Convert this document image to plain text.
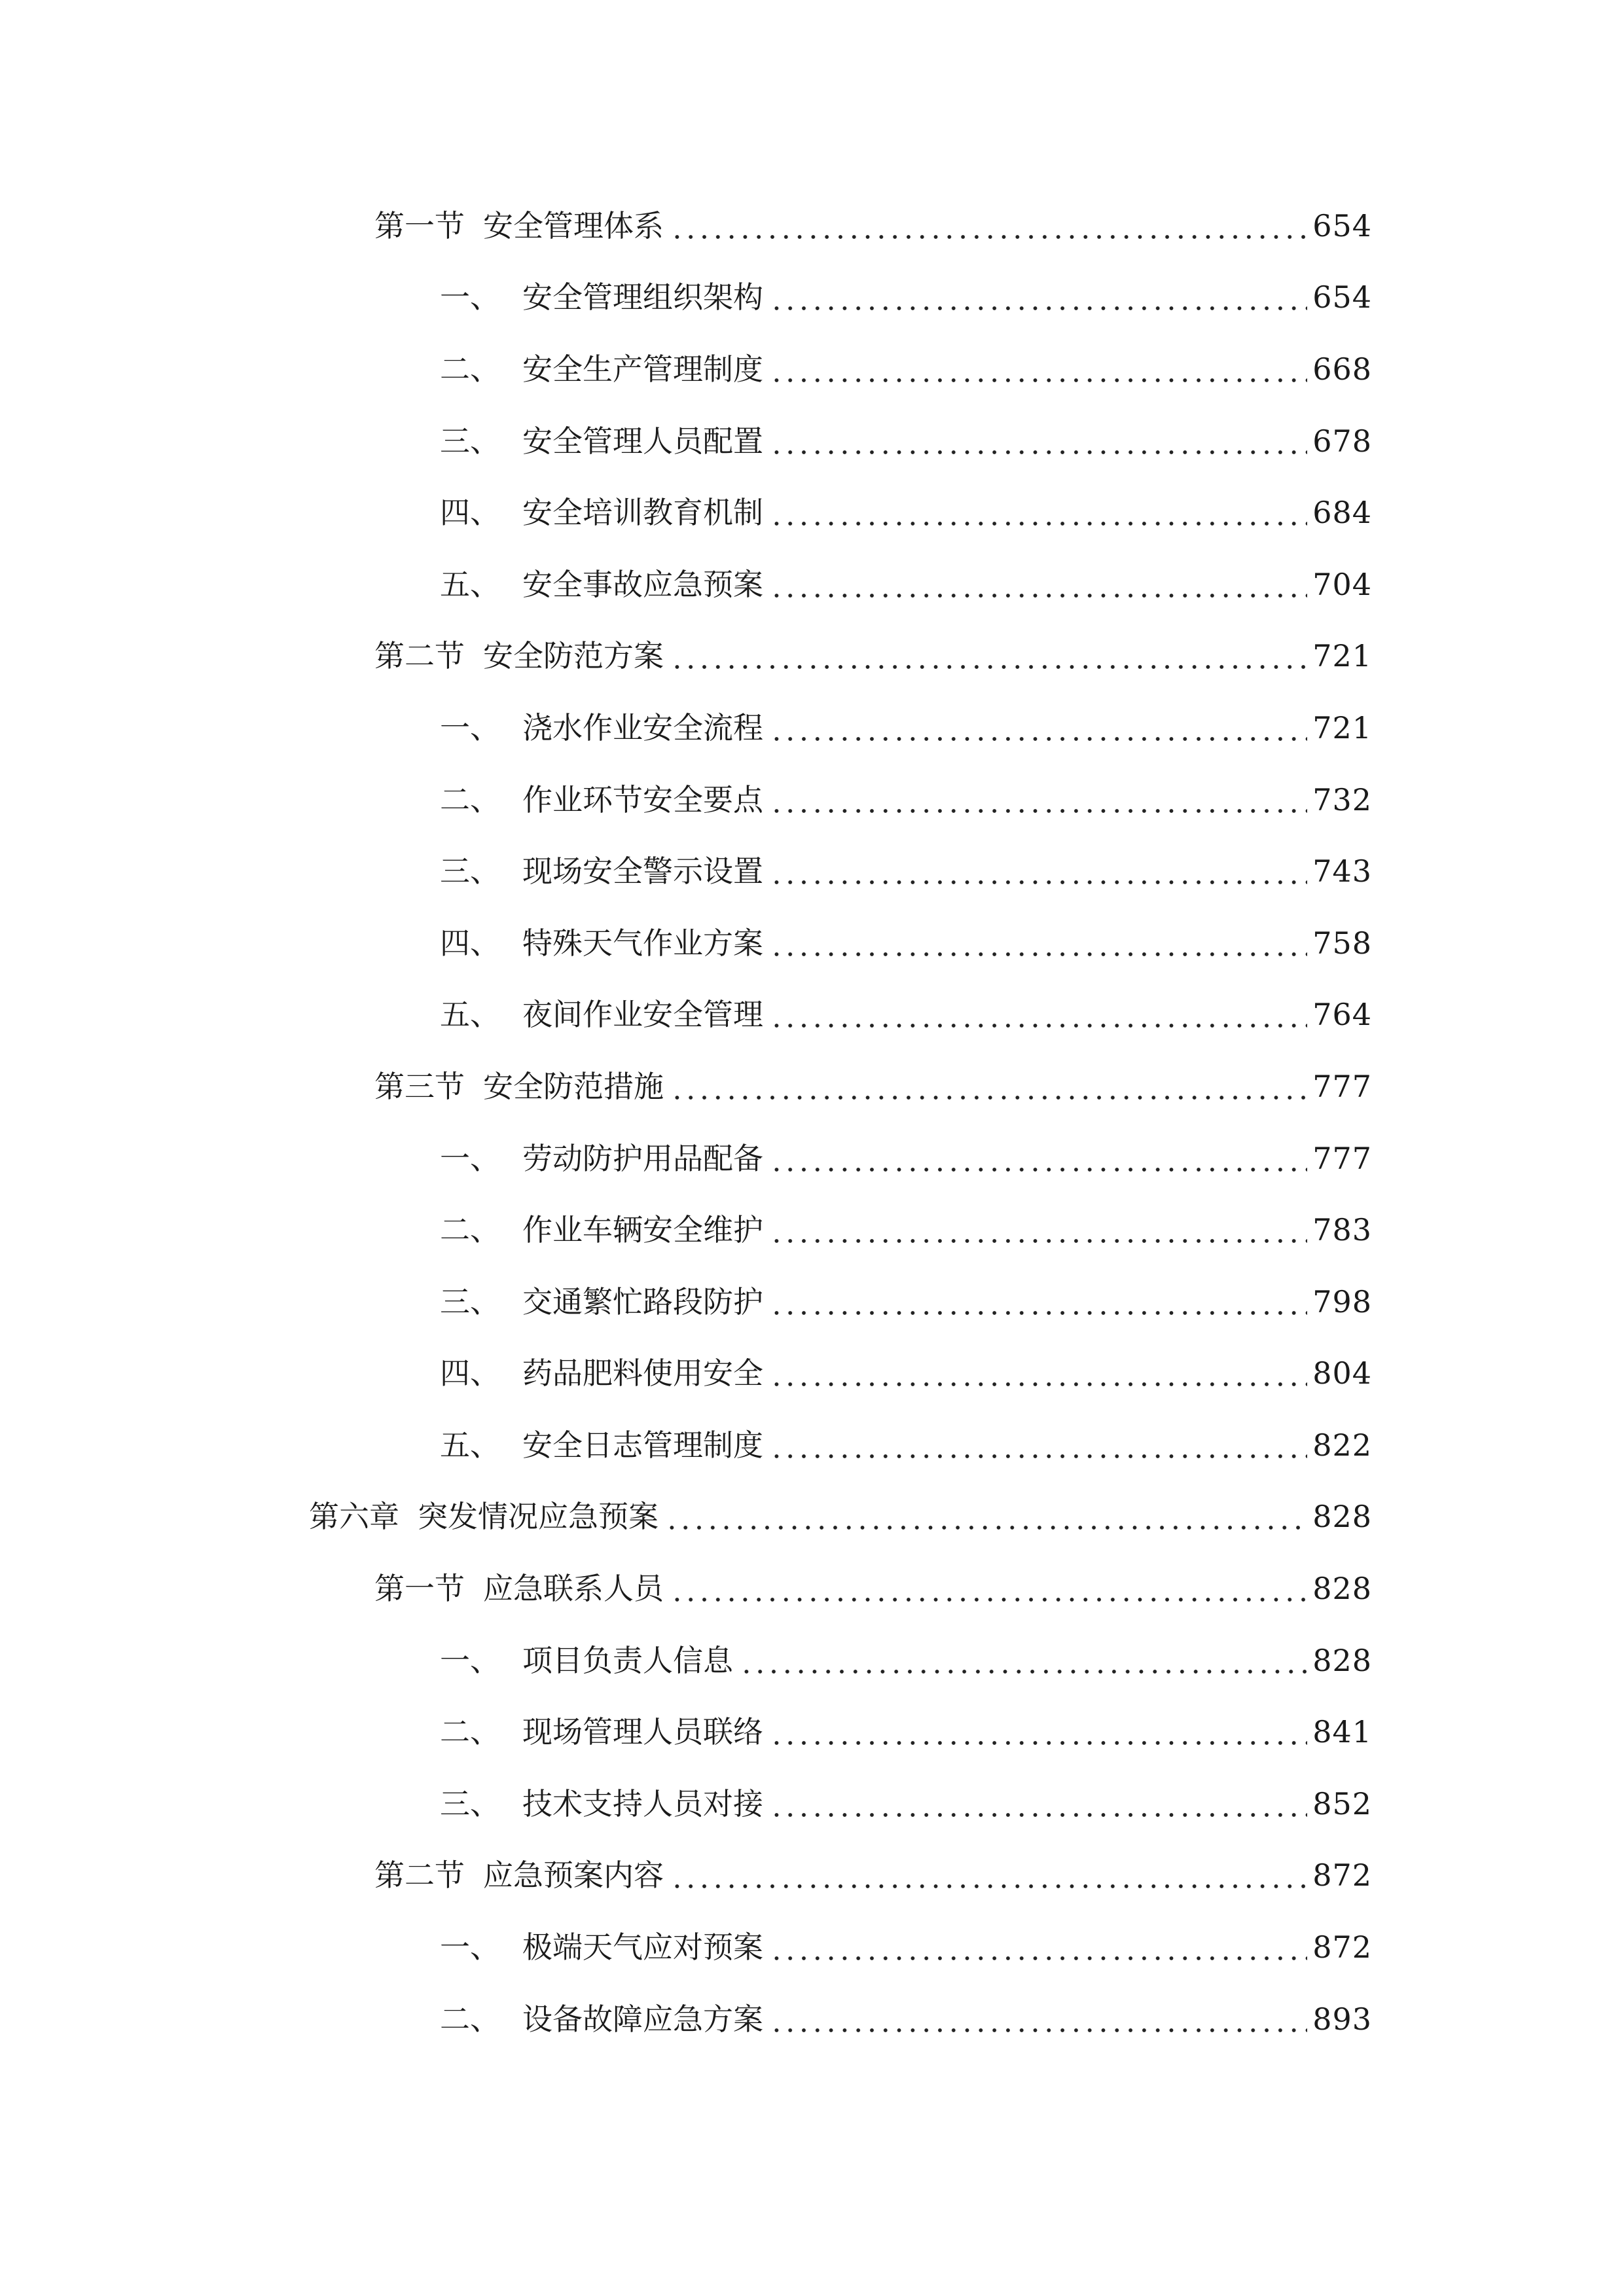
第一节 安全管理体系	654
一、 安全管理组织架构	654
二、 安全生产管理制度	668
三、 安全管理人员配置	678
四、 安全培训教育机制	684
五、 安全事故应急预案	704
第二节 安全防范方案	721
一、 浇水作业安全流程	721
二、 作业环节安全要点	732
三、 现场安全警示设置	743
四、 特殊天气作业方案	758
五、 夜间作业安全管理	764
第三节 安全防范措施	777
一、 劳动防护用品配备	777
二、 作业车辆安全维护	783
三、 交通繁忙路段防护	798
四、 药品肥料使用安全	804
五、 安全日志管理制度	822
第六章 突发情况应急预案	828
第一节 应急联系人员	828
一、 项目负责人信息	828
二、 现场管理人员联络	841
三、 技术支持人员对接	852
第二节 应急预案内容	872
一、 极端天气应对预案	872
二、 设备故障应急方案	893
